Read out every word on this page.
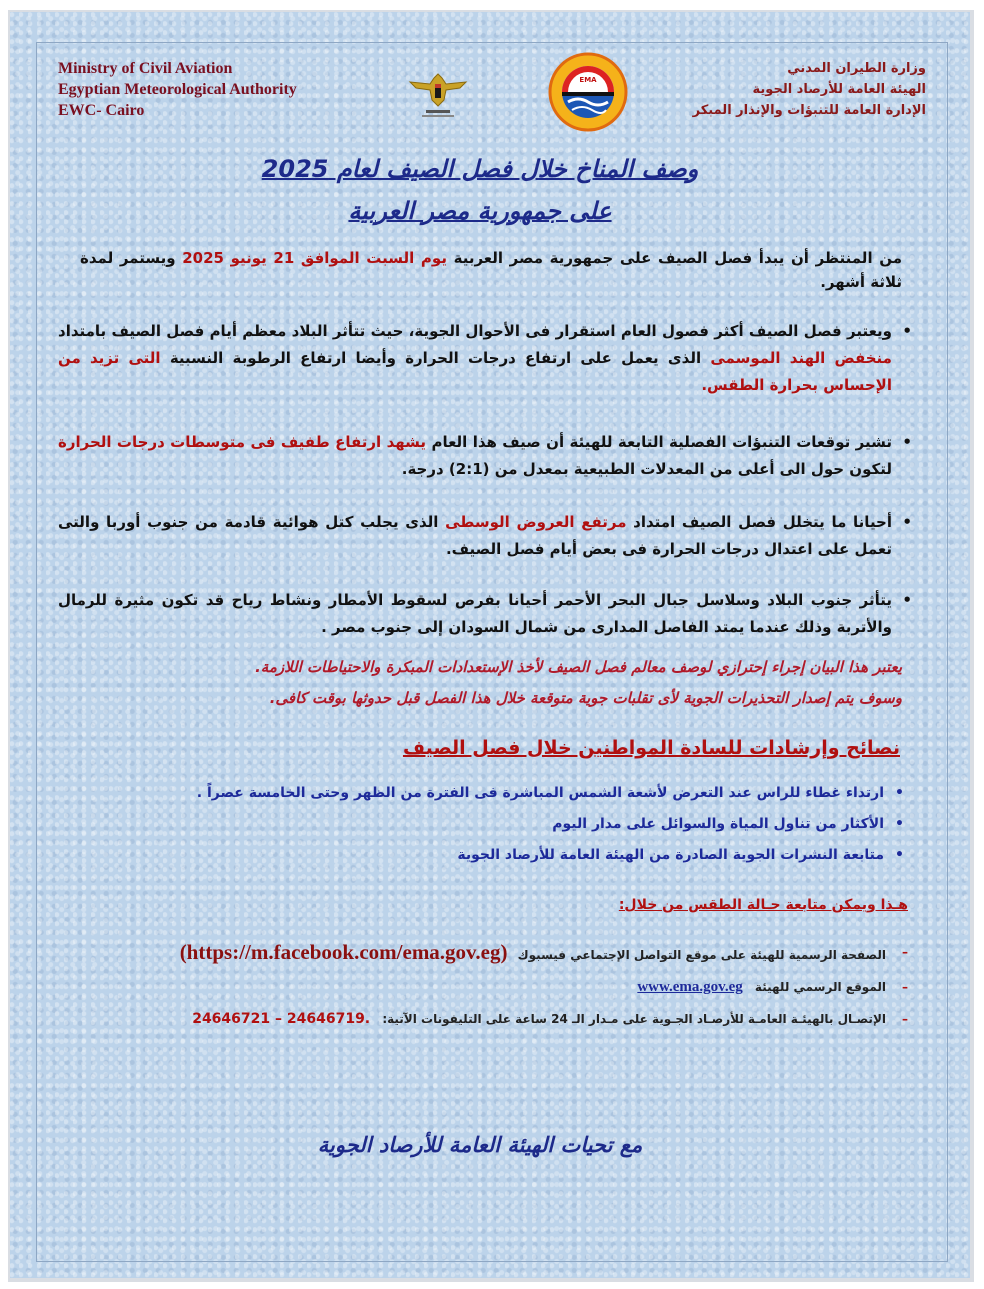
Ministry of Civil Aviation
Egyptian Meteorological Authority
EWC- Cairo
EMA
وزارة الطيران المدني
الهيئة العامة للأرصاد الجوية
الإدارة العامة للتنبؤات والإنذار المبكر
وصف المناخ خلال فصل الصيف لعام 2025
على جمهورية مصر العربية
من المنتظر أن يبدأ فصل الصيف على جمهورية مصر العربية يوم السبت الموافق 21 يونيو 2025 ويستمر لمدة ثلاثة أشهر.
• ويعتبر فصل الصيف أكثر فصول العام استقرار فى الأحوال الجوية، حيث تتأثر البلاد معظم أيام فصل الصيف بامتداد منخفض الهند الموسمى الذى يعمل على ارتفاع درجات الحرارة وأيضا ارتفاع الرطوبة النسبية التى تزيد من الإحساس بحرارة الطقس.
• تشير توقعات التنبؤات الفصلية التابعة للهيئة أن صيف هذا العام يشهد ارتفاع طفيف فى متوسطات درجات الحرارة لتكون حول الى أعلى من المعدلات الطبيعية بمعدل من (2:1) درجة.
• أحيانا ما يتخلل فصل الصيف امتداد مرتفع العروض الوسطى الذى يجلب كتل هوائية قادمة من جنوب أوربا والتى تعمل على اعتدال درجات الحرارة فى بعض أيام فصل الصيف.
• يتأثر جنوب البلاد وسلاسل جبال البحر الأحمر أحيانا بفرص لسقوط الأمطار ونشاط رياح قد تكون مثيرة للرمال والأتربة وذلك عندما يمتد الفاصل المدارى من شمال السودان إلى جنوب مصر .
يعتبر هذا البيان إجراء إحترازي لوصف معالم فصل الصيف لأخذ الإستعدادات المبكرة والاحتياطات اللازمة.
وسوف يتم إصدار التحذيرات الجوية لأى تقلبات جوية متوقعة خلال هذا الفصل قبل حدوثها بوقت كافى.
نصائح وإرشادات للسادة المواطنين خلال فصل الصيف
• ارتداء غطاء للراس عند التعرض لأشعة الشمس المباشرة فى الفترة من الظهر وحتى الخامسة عصراً .
• الأكثار من تناول المياة والسوائل على مدار اليوم
• متابعة النشرات الجوية الصادرة من الهيئة العامة للأرصاد الجوية
هـذا ويمكن متابعة حـالة الطقس من خلال:
– الصفحة الرسمية للهيئة على موقع التواصل الإجتماعي فيسبوك (https://m.facebook.com/ema.gov.eg)
– الموقع الرسمي للهيئة www.ema.gov.eg
– الإتصـال بالهيئـة العامـة للأرصـاد الجـوية على مـدار الـ 24 ساعة على التليفونات الآتية: 24646721 – 24646719.
مع تحيات الهيئة العامة للأرصاد الجوية
